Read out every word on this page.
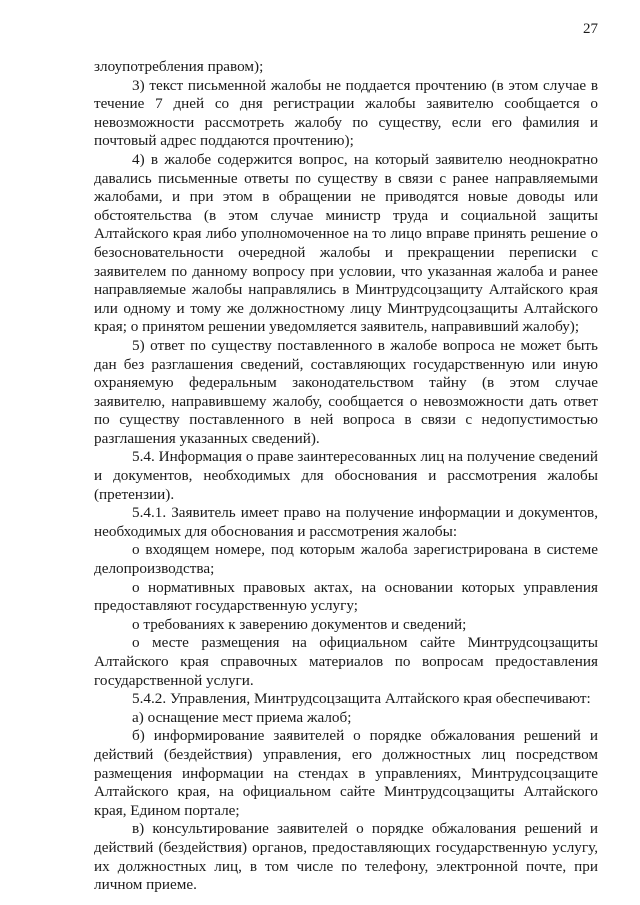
27

злоупотребления правом);

3) текст письменной жалобы не поддается прочтению (в этом случае в течение 7 дней со дня регистрации жалобы заявителю сообщается о невозможности рассмотреть жалобу по существу, если его фамилия и почтовый адрес поддаются прочтению);

4) в жалобе содержится вопрос, на который заявителю неоднократно давались письменные ответы по существу в связи с ранее направляемыми жалобами, и при этом в обращении не приводятся новые доводы или обстоятельства (в этом случае министр труда и социальной защиты Алтайского края либо уполномоченное на то лицо вправе принять решение о безосновательности очередной жалобы и прекращении переписки с заявителем по данному вопросу при условии, что указанная жалоба и ранее направляемые жалобы направлялись в Минтрудсоцзащиту Алтайского края или одному и тому же должностному лицу Минтрудсоцзащиты Алтайского края; о принятом решении уведомляется заявитель, направивший жалобу);

5) ответ по существу поставленного в жалобе вопроса не может быть дан без разглашения сведений, составляющих государственную или иную охраняемую федеральным законодательством тайну (в этом случае заявителю, направившему жалобу, сообщается о невозможности дать ответ по существу поставленного в ней вопроса в связи с недопустимостью разглашения указанных сведений).

5.4. Информация о праве заинтересованных лиц на получение сведений и документов, необходимых для обоснования и рассмотрения жалобы (претензии).

5.4.1. Заявитель имеет право на получение информации и документов, необходимых для обоснования и рассмотрения жалобы:

о входящем номере, под которым жалоба зарегистрирована в системе делопроизводства;

о нормативных правовых актах, на основании которых управления предоставляют государственную услугу;

о требованиях к заверению документов и сведений;

о месте размещения на официальном сайте Минтрудсоцзащиты Алтайского края справочных материалов по вопросам предоставления государственной услуги.

5.4.2. Управления, Минтрудсоцзащита Алтайского края обеспечивают:

а) оснащение мест приема жалоб;

б) информирование заявителей о порядке обжалования решений и действий (бездействия) управления, его должностных лиц посредством размещения информации на стендах в управлениях, Минтрудсоцзащите Алтайского края, на официальном сайте Минтрудсоцзащиты Алтайского края, Едином портале;

в) консультирование заявителей о порядке обжалования решений и действий (бездействия) органов, предоставляющих государственную услугу, их должностных лиц, в том числе по телефону, электронной почте, при личном приеме.
